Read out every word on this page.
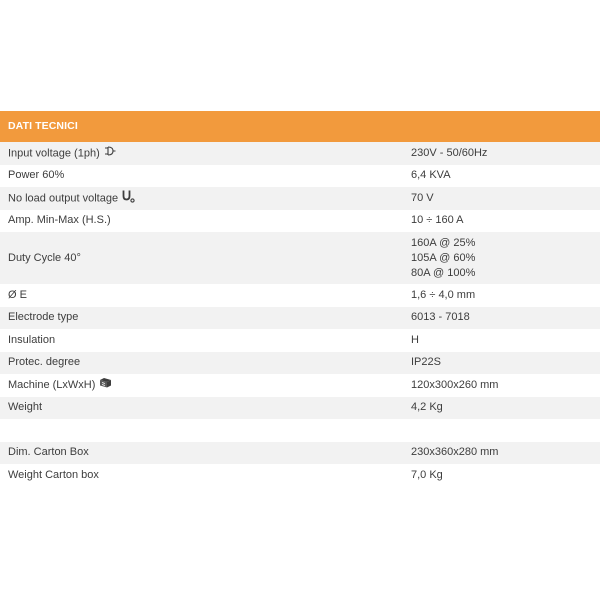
DATI TECNICI
Input voltage (1ph)	230V - 50/60Hz
Power 60%	6,4 KVA
No load output voltage	70 V
Amp. Min-Max (H.S.)	10 ÷ 160 A
Duty Cycle 40°
160A @ 25%
105A @ 60%
80A @ 100%
Ø E	1,6 ÷ 4,0 mm
Electrode type	6013 - 7018
Insulation	H
Protec. degree	IP22S
Machine (LxWxH)	120x300x260 mm
Weight	4,2 Kg
Dim. Carton Box	230x360x280 mm
Weight Carton box	7,0 Kg
